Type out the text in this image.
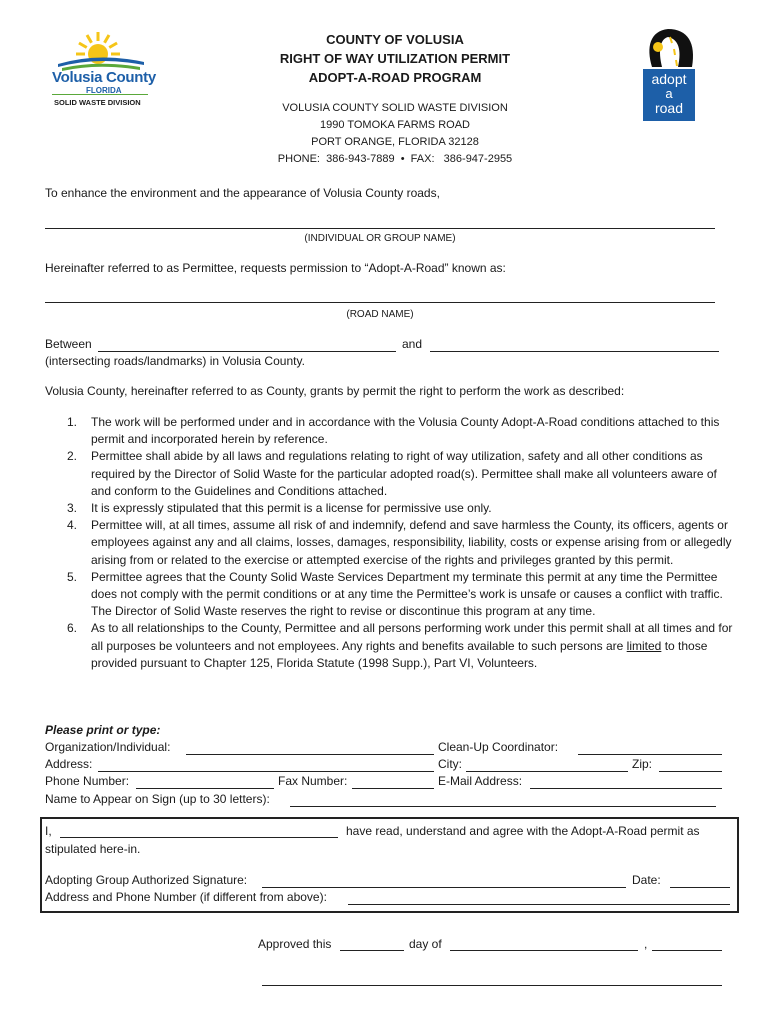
Volusia County
FLORIDA
SOLID WASTE DIVISION
COUNTY OF VOLUSIA
RIGHT OF WAY UTILIZATION PERMIT
ADOPT-A-ROAD PROGRAM
VOLUSIA COUNTY SOLID WASTE DIVISION
1990 TOMOKA FARMS ROAD
PORT ORANGE, FLORIDA 32128
PHONE:  386-943-7889  •  FAX:   386-947-2955
adopt
a
road
To enhance the environment and the appearance of Volusia County roads,
(INDIVIDUAL OR GROUP NAME)
Hereinafter referred to as Permittee, requests permission to “Adopt-A-Road” known as:
(ROAD NAME)
Between	and
(intersecting roads/landmarks) in Volusia County.
Volusia County, hereinafter referred to as County, grants by permit the right to perform the work as described:
1. The work will be performed under and in accordance with the Volusia County Adopt-A-Road conditions attached to this permit and incorporated herein by reference.
2. Permittee shall abide by all laws and regulations relating to right of way utilization, safety and all other conditions as required by the Director of Solid Waste for the particular adopted road(s). Permittee shall make all volunteers aware of and conform to the Guidelines and Conditions attached.
3. It is expressly stipulated that this permit is a license for permissive use only.
4. Permittee will, at all times, assume all risk of and indemnify, defend and save harmless the County, its officers, agents or employees against any and all claims, losses, damages, responsibility, liability, costs or expense arising from or allegedly arising from or related to the exercise or attempted exercise of the rights and privileges granted by this permit.
5. Permittee agrees that the County Solid Waste Services Department my terminate this permit at any time the Permittee does not comply with the permit conditions or at any time the Permittee’s work is unsafe or causes a conflict with traffic. The Director of Solid Waste reserves the right to revise or discontinue this program at any time.
6. As to all relationships to the County, Permittee and all persons performing work under this permit shall at all times and for all purposes be volunteers and not employees. Any rights and benefits available to such persons are limited to those provided pursuant to Chapter 125, Florida Statute (1998 Supp.), Part VI, Volunteers.
Please print or type:
Organization/Individual:	Clean-Up Coordinator:
Address:	City:	Zip:
Phone Number:	Fax Number:	E-Mail Address:
Name to Appear on Sign (up to 30 letters):
I,	have read, understand and agree with the Adopt-A-Road permit as
stipulated here-in.
Adopting Group Authorized Signature:	Date:
Address and Phone Number (if different from above):
Approved this	day of	,
